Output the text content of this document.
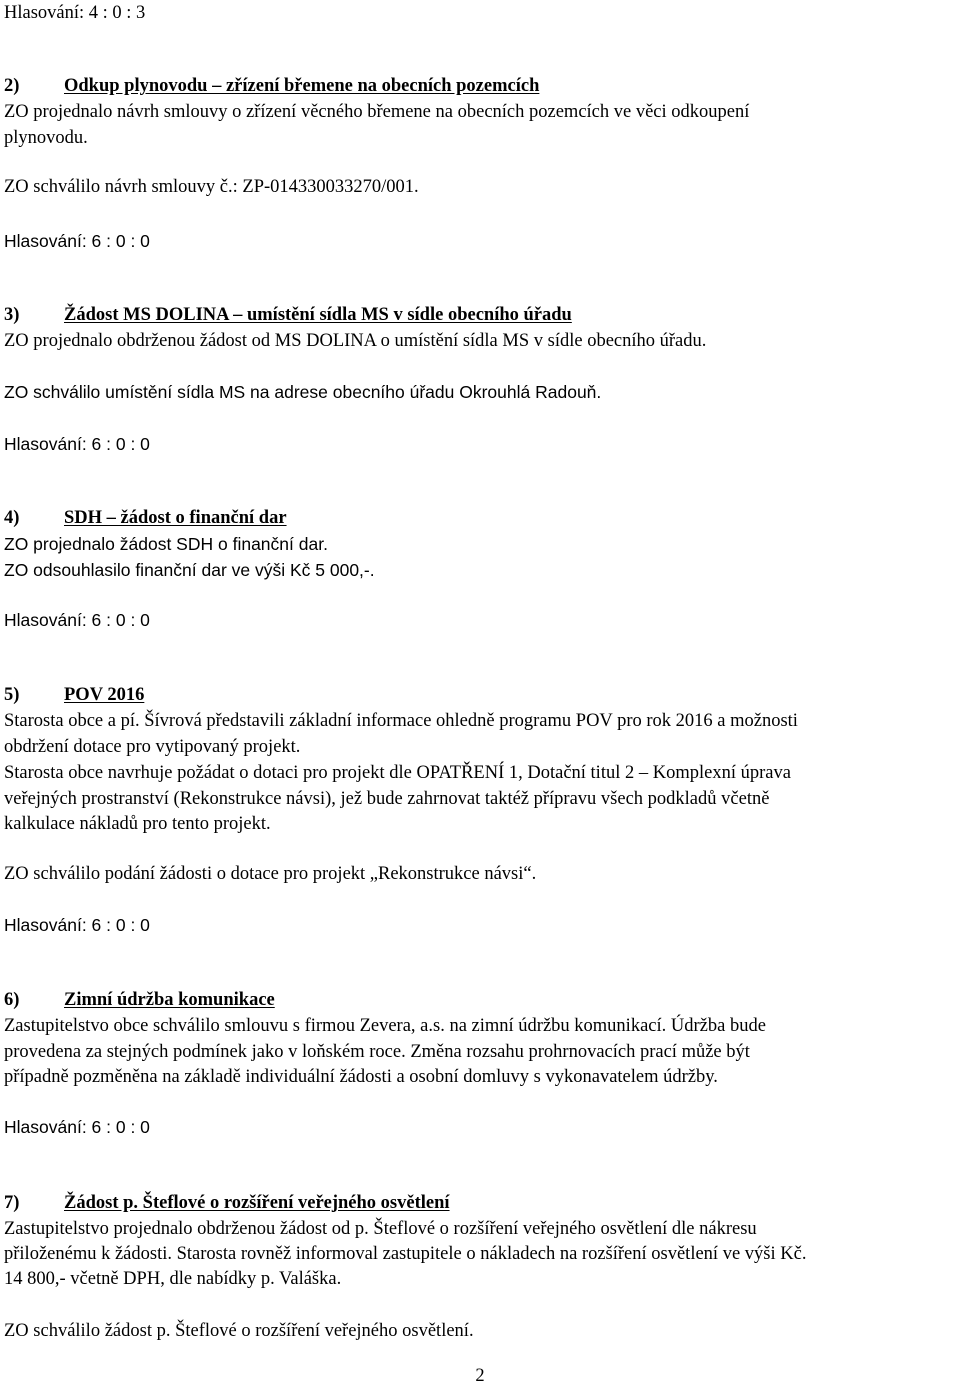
Hlasování: 4 : 0 : 3
2) Odkup plynovodu – zřízení břemene na obecních pozemcích
ZO projednalo návrh smlouvy o zřízení věcného břemene na obecních pozemcích ve věci odkoupení
plynovodu.
ZO schválilo návrh smlouvy č.: ZP-014330033270/001.
Hlasování: 6 : 0 : 0
3) Žádost MS DOLINA – umístění sídla MS v sídle obecního úřadu
ZO projednalo obdrženou žádost od MS DOLINA o umístění sídla MS v sídle obecního úřadu.
ZO schválilo umístění sídla MS na adrese obecního úřadu Okrouhlá Radouň.
Hlasování: 6 : 0 : 0
4) SDH – žádost o finanční dar
ZO projednalo žádost SDH o finanční dar.
ZO odsouhlasilo finanční dar ve výši Kč 5 000,-.
Hlasování: 6 : 0 : 0
5) POV 2016
Starosta obce a pí. Šívrová představili základní informace ohledně programu POV pro rok 2016 a možnosti
obdržení dotace pro vytipovaný projekt.
Starosta obce navrhuje požádat o dotaci pro projekt dle OPATŘENÍ 1, Dotační titul 2 – Komplexní úprava
veřejných prostranství (Rekonstrukce návsi), jež bude zahrnovat taktéž přípravu všech podkladů včetně
kalkulace nákladů pro tento projekt.
ZO schválilo podání žádosti o dotace pro projekt „Rekonstrukce návsi“.
Hlasování: 6 : 0 : 0
6) Zimní údržba komunikace
Zastupitelstvo obce schválilo smlouvu s firmou Zevera, a.s. na zimní údržbu komunikací. Údržba bude
provedena za stejných podmínek jako v loňském roce. Změna rozsahu prohrnovacích prací může být
případně pozměněna na základě individuální žádosti a osobní domluvy s vykonavatelem údržby.
Hlasování: 6 : 0 : 0
7) Žádost p. Šteflové o rozšíření veřejného osvětlení
Zastupitelstvo projednalo obdrženou žádost od p. Šteflové o rozšíření veřejného osvětlení dle nákresu
přiloženému k žádosti. Starosta rovněž informoval zastupitele o nákladech na rozšíření osvětlení ve výši Kč.
14 800,- včetně DPH, dle nabídky p. Valáška.
ZO schválilo žádost p. Šteflové o rozšíření veřejného osvětlení.
2
